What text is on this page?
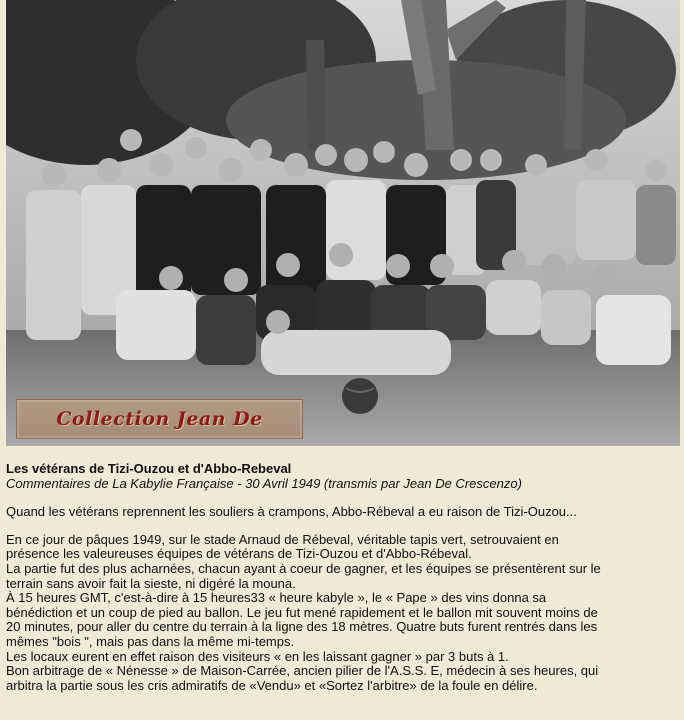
Collection Jean De

Les vétérans de Tizi-Ouzou et d'Abbo-Rebeval

Commentaires de La Kabylie Française - 30 Avril 1949 (transmis par Jean De Crescenzo)

Quand les vétérans reprennent les souliers à crampons, Abbo-Rébeval a eu raison de Tizi-Ouzou...

En ce jour de pâques 1949, sur le stade Arnaud de Rébeval, véritable tapis vert, setrouvaient en

présence les valeureuses équipes de vétérans de Tizi-Ouzou et d'Abbo-Rébeval.

La partie fut des plus acharnées, chacun ayant à coeur de gagner, et les équipes se présentèrent sur le

terrain sans avoir fait la sieste, ni digéré la mouna.

À 15 heures GMT, c'est-à-dire à 15 heures33 « heure kabyle », le « Pape » des vins donna sa

bénédiction et un coup de pied au ballon. Le jeu fut mené rapidement et le ballon mit souvent moins de

20 minutes, pour aller du centre du terrain à la ligne des 18 mètres. Quatre buts furent rentrés dans les

mêmes "bois ", mais pas dans la même mi-temps.

Les locaux eurent en effet raison des visiteurs « en les laissant gagner » par 3 buts à 1.

Bon arbitrage de « Nénesse » de Maison-Carrée, ancien pilier de l'A.S.S. E, médecin à ses heures, qui

arbitra la partie sous les cris admiratifs de «Vendu» et «Sortez l'arbitre» de la foule en délire.
